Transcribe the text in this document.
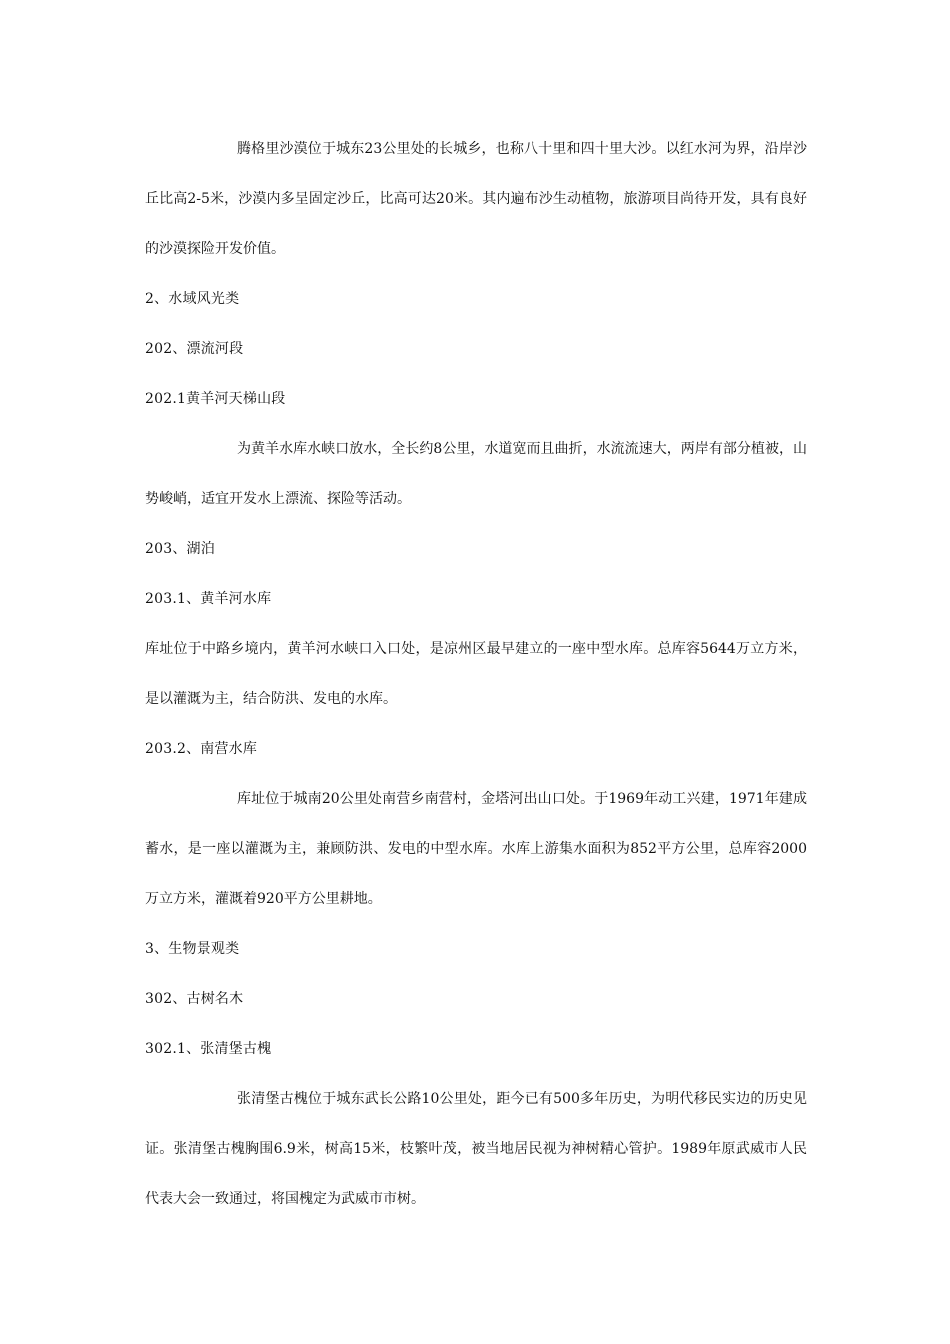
腾格里沙漠位于城东23公里处的长城乡，也称八十里和四十里大沙。以红水河为界，沿岸沙丘比高2-5米，沙漠内多呈固定沙丘，比高可达20米。其内遍布沙生动植物，旅游项目尚待开发，具有良好的沙漠探险开发价值。

2、水域风光类
202、漂流河段
202.1黄羊河天梯山段

为黄羊水库水峡口放水，全长约8公里，水道宽而且曲折，水流流速大，两岸有部分植被，山势峻峭，适宜开发水上漂流、探险等活动。

203、湖泊
203.1、黄羊河水库

库址位于中路乡境内，黄羊河水峡口入口处，是凉州区最早建立的一座中型水库。总库容5644万立方米，是以灌溉为主，结合防洪、发电的水库。

203.2、南营水库

库址位于城南20公里处南营乡南营村，金塔河出山口处。于1969年动工兴建，1971年建成蓄水，是一座以灌溉为主，兼顾防洪、发电的中型水库。水库上游集水面积为852平方公里，总库容2000万立方米，灌溉着920平方公里耕地。

3、生物景观类
302、古树名木
302.1、张清堡古槐

张清堡古槐位于城东武长公路10公里处，距今已有500多年历史，为明代移民实边的历史见证。张清堡古槐胸围6.9米，树高15米，枝繁叶茂，被当地居民视为神树精心管护。1989年原武威市人民代表大会一致通过，将国槐定为武威市市树。
